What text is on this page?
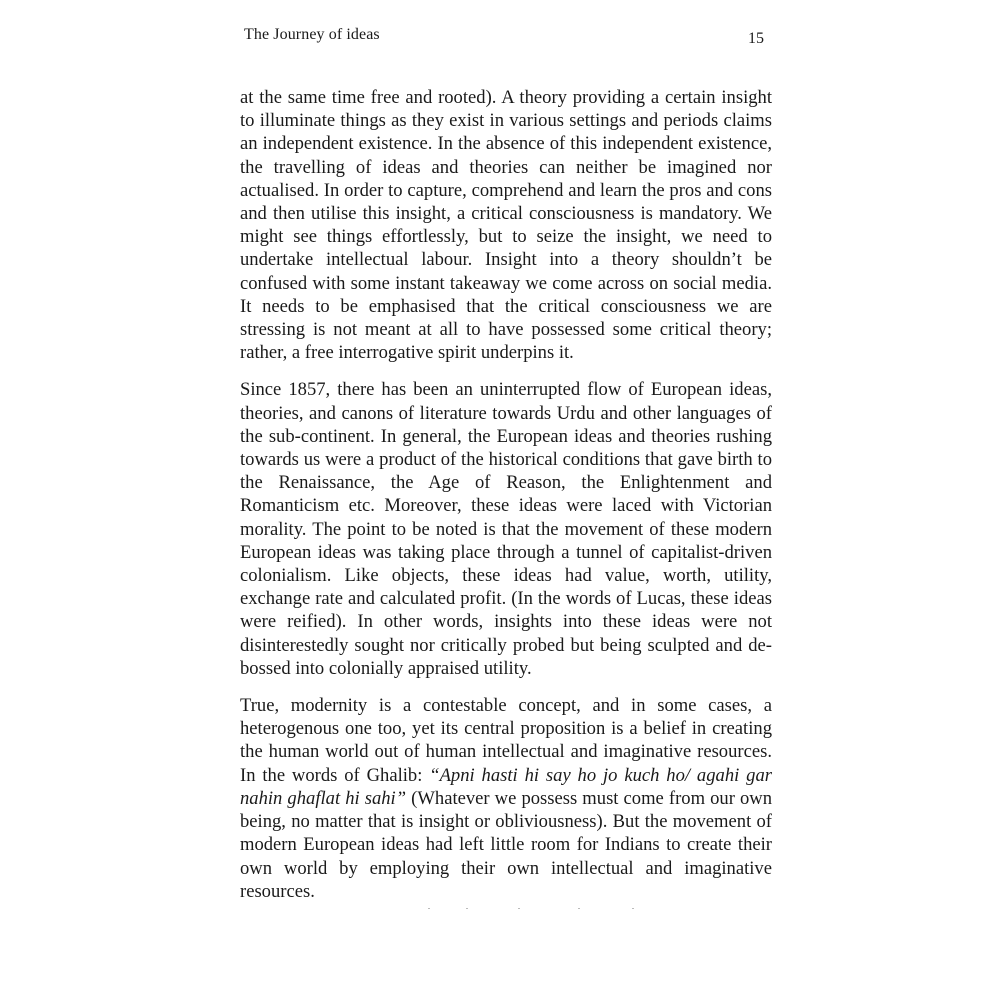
The Journey of ideas	15

at the same time free and rooted). A theory providing a certain insight to illuminate things as they exist in various settings and periods claims an independent existence. In the absence of this independent existence, the travelling of ideas and theories can neither be imagined nor actualised. In order to capture, comprehend and learn the pros and cons and then utilise this insight, a critical consciousness is mandatory. We might see things effortlessly, but to seize the insight, we need to undertake intellectual labour. Insight into a theory shouldn’t be confused with some instant takeaway we come across on social media. It needs to be emphasised that the critical consciousness we are stressing is not meant at all to have possessed some critical theory; rather, a free interrogative spirit underpins it.

Since 1857, there has been an uninterrupted flow of European ideas, theories, and canons of literature towards Urdu and other languages of the sub-continent. In general, the European ideas and theories rushing towards us were a product of the historical conditions that gave birth to the Renaissance, the Age of Reason, the Enlightenment and Romanticism etc. Moreover, these ideas were laced with Victorian morality. The point to be noted is that the movement of these modern European ideas was taking place through a tunnel of capitalist-driven colonialism. Like objects, these ideas had value, worth, utility, exchange rate and calculated profit. (In the words of Lucas, these ideas were reified). In other words, insights into these ideas were not disinterestedly sought nor critically probed but being sculpted and de-bossed into colonially appraised utility.

True, modernity is a contestable concept, and in some cases, a heterogenous one too, yet its central proposition is a belief in creating the human world out of human intellectual and imaginative resources. In the words of Ghalib: “Apni hasti hi say ho jo kuch ho/ agahi gar nahin ghaflat hi sahi” (Whatever we possess must come from our own being, no matter that is insight or obliviousness). But the movement of modern European ideas had left little room for Indians to create their own world by employing their own intellectual and imaginative resources.
